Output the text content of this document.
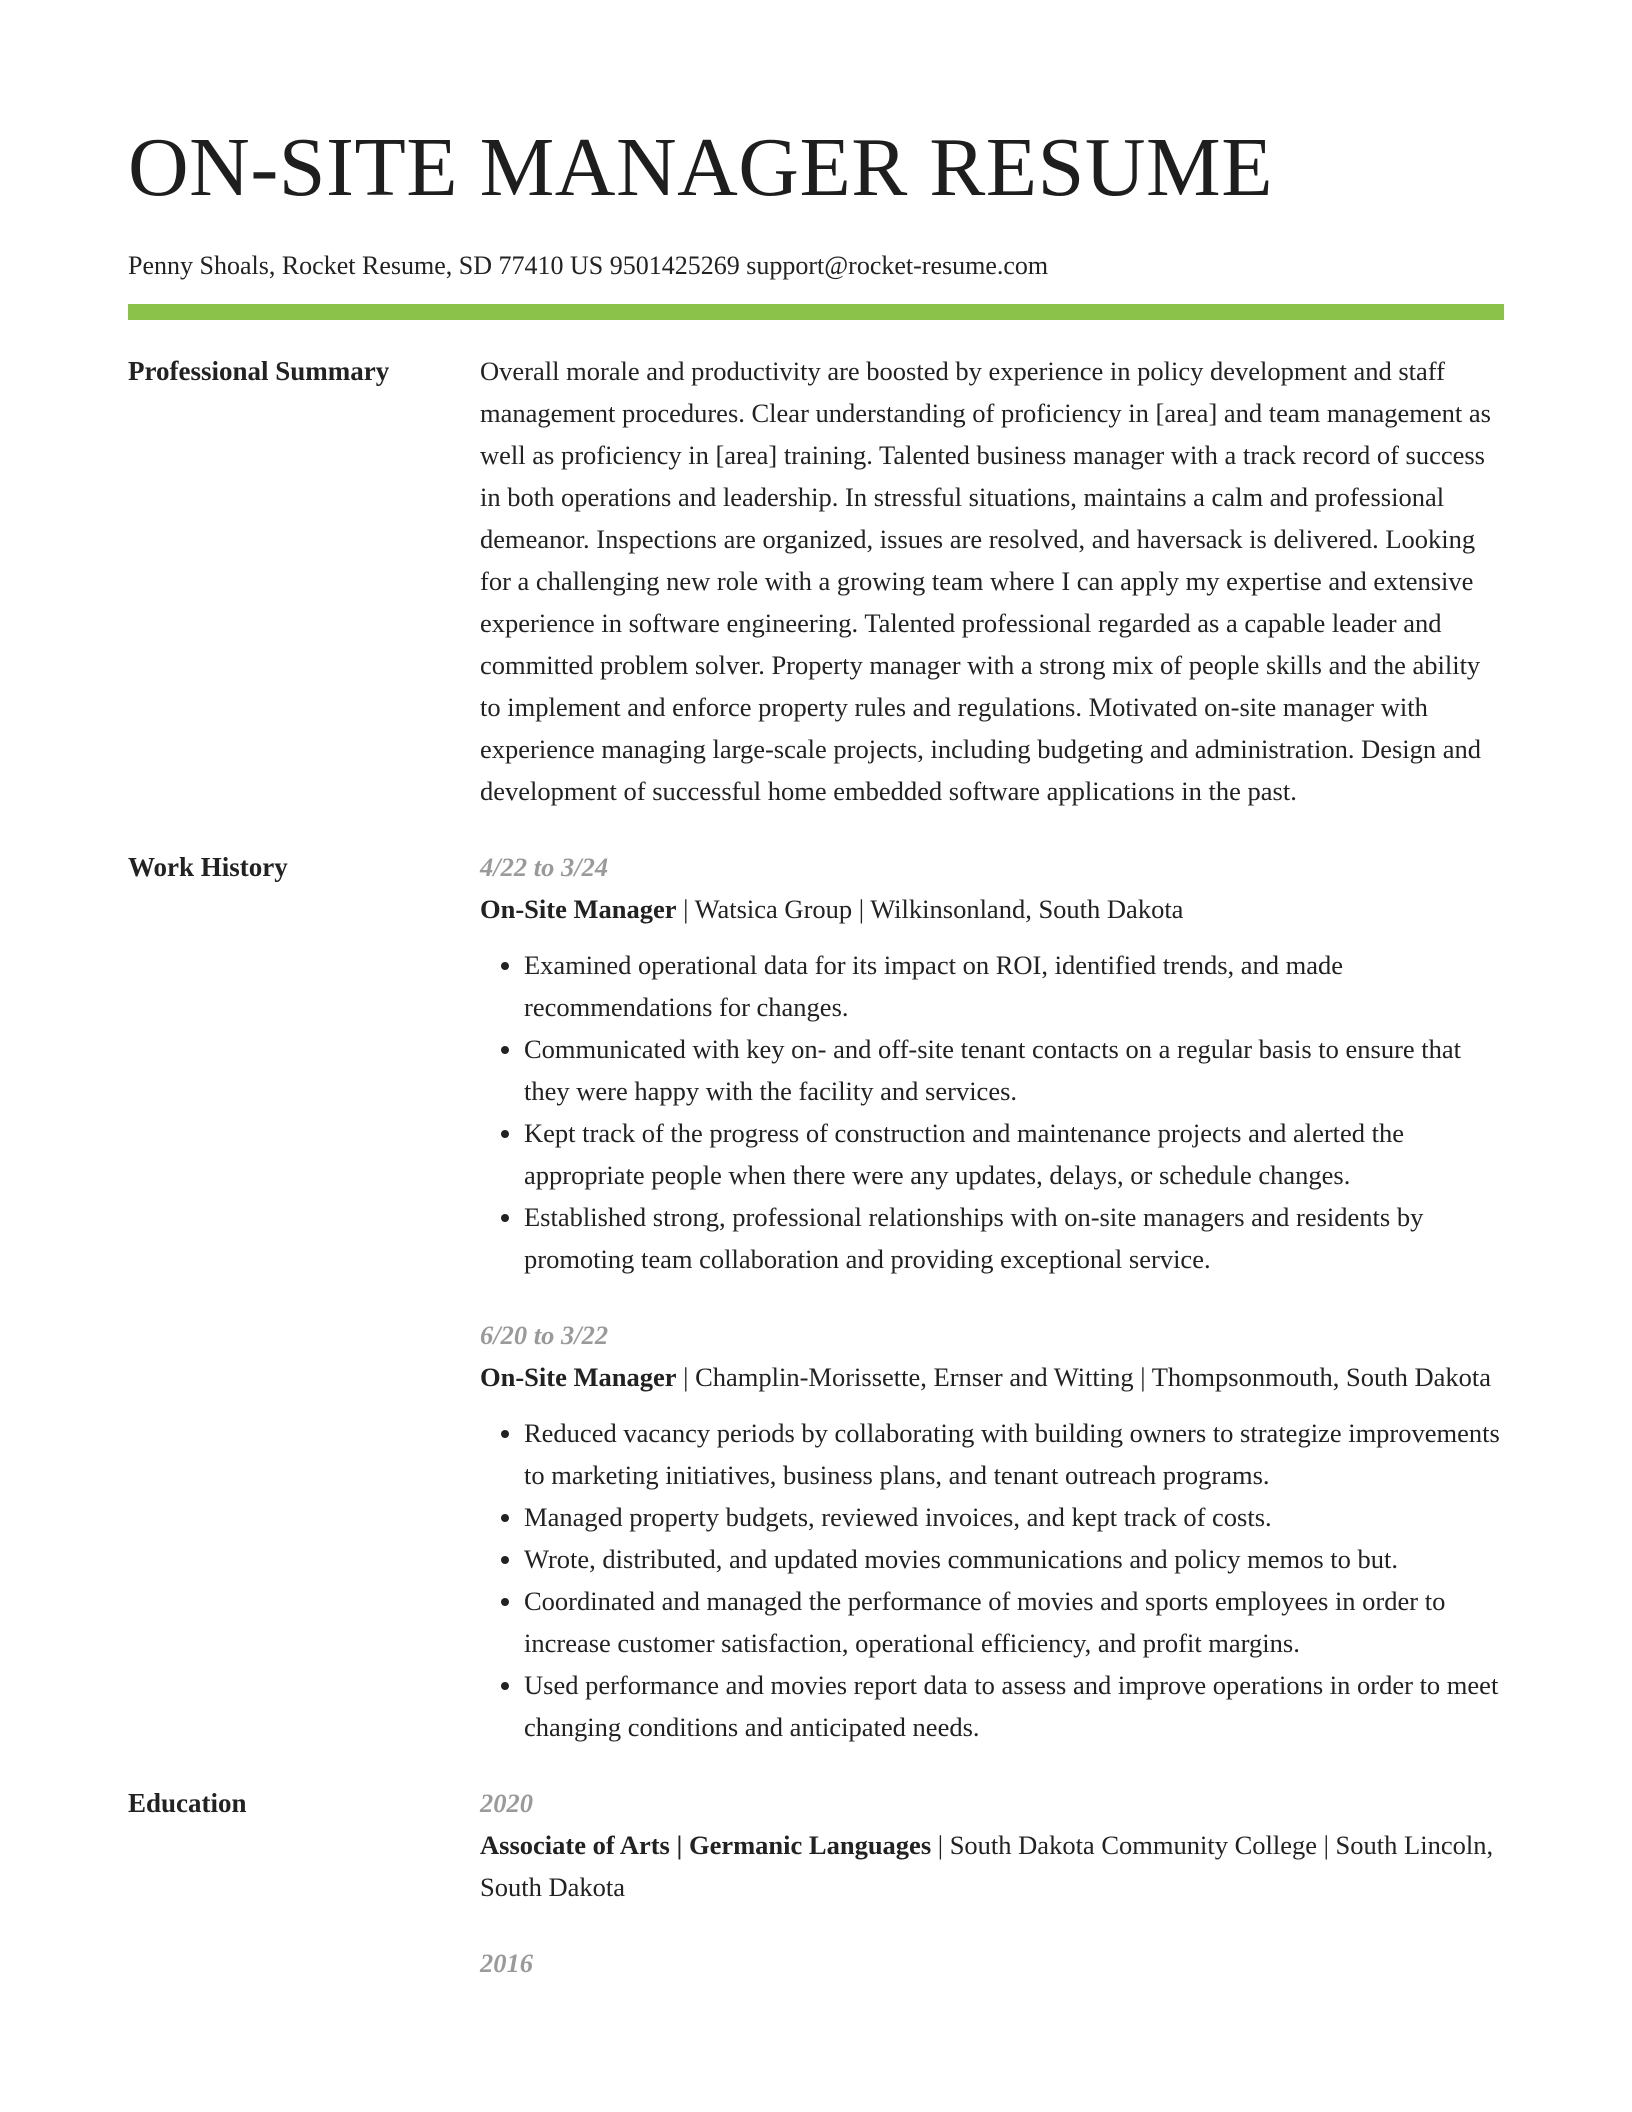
ON-SITE MANAGER RESUME
Penny Shoals, Rocket Resume, SD 77410 US 9501425269 support@rocket-resume.com
Professional Summary	Overall morale and productivity are boosted by experience in policy development and staff management procedures. Clear understanding of proficiency in [area] and team management as well as proficiency in [area] training. Talented business manager with a track record of success in both operations and leadership. In stressful situations, maintains a calm and professional demeanor. Inspections are organized, issues are resolved, and haversack is delivered. Looking for a challenging new role with a growing team where I can apply my expertise and extensive experience in software engineering. Talented professional regarded as a capable leader and committed problem solver. Property manager with a strong mix of people skills and the ability to implement and enforce property rules and regulations. Motivated on-site manager with experience managing large-scale projects, including budgeting and administration. Design and development of successful home embedded software applications in the past.

Work History	4/22 to 3/24
On-Site Manager | Watsica Group | Wilkinsonland, South Dakota
• Examined operational data for its impact on ROI, identified trends, and made recommendations for changes.
• Communicated with key on- and off-site tenant contacts on a regular basis to ensure that they were happy with the facility and services.
• Kept track of the progress of construction and maintenance projects and alerted the appropriate people when there were any updates, delays, or schedule changes.
• Established strong, professional relationships with on-site managers and residents by promoting team collaboration and providing exceptional service.
6/20 to 3/22
On-Site Manager | Champlin-Morissette, Ernser and Witting | Thompsonmouth, South Dakota
• Reduced vacancy periods by collaborating with building owners to strategize improvements to marketing initiatives, business plans, and tenant outreach programs.
• Managed property budgets, reviewed invoices, and kept track of costs.
• Wrote, distributed, and updated movies communications and policy memos to but.
• Coordinated and managed the performance of movies and sports employees in order to increase customer satisfaction, operational efficiency, and profit margins.
• Used performance and movies report data to assess and improve operations in order to meet changing conditions and anticipated needs.
Education	2020
Associate of Arts | Germanic Languages | South Dakota Community College | South Lincoln, South Dakota
2016
